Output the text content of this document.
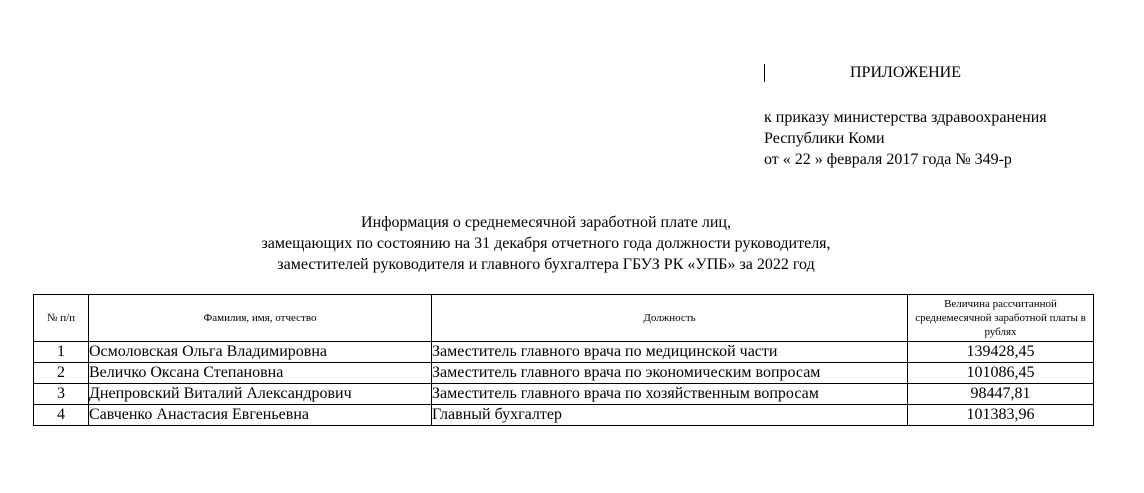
ПРИЛОЖЕНИЕ
к приказу министерства здравоохранения
Республики Коми
от « 22 » февраля 2017 года № 349-р
Информация о среднемесячной заработной плате лиц,
замещающих по состоянию на 31 декабря отчетного года должности руководителя,
заместителей руководителя и главного бухгалтера ГБУЗ РК «УПБ» за 2022 год
№ п/п	Фамилия, имя, отчество	Должность	Величина рассчитанной среднемесячной заработной платы в рублях
1	Осмоловская Ольга Владимировна	Заместитель главного врача по медицинской части	139428,45
2	Величко Оксана Степановна	Заместитель главного врача по экономическим вопросам	101086,45
3	Днепровский Виталий Александрович	Заместитель главного врача по хозяйственным вопросам	98447,81
4	Савченко Анастасия Евгеньевна	Главный бухгалтер	101383,96
